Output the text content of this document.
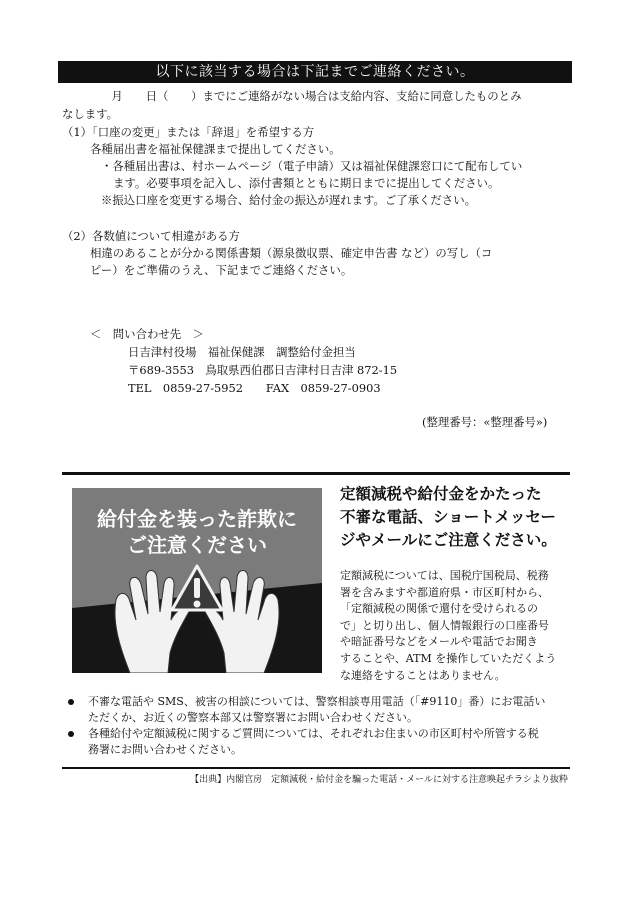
以下に該当する場合は下記までご連絡ください。
　月　　日（　　）までにご連絡がない場合は支給内容、支給に同意したものとみ
なします。
（1）「口座の変更」または「辞退」を希望する方
各種届出書を福祉保健課まで提出してください。
・各種届出書は、村ホームページ（電子申請）又は福祉保健課窓口にて配布してい
ます。必要事項を記入し、添付書類とともに期日までに提出してください。
※振込口座を変更する場合、給付金の振込が遅れます。ご了承ください。
（2）各数値について相違がある方
相違のあることが分かる関係書類（源泉徴収票、確定申告書 など）の写し（コ
ピー）をご準備のうえ、下記までご連絡ください。
＜　問い合わせ先　＞
日吉津村役場　福祉保健課　調整給付金担当
〒689-3553　鳥取県西伯郡日吉津村日吉津 872-15
TEL　0859-27-5952　　FAX　0859-27-0903
(整理番号：«整理番号»)
給付金を装った詐欺に
ご注意ください
定額減税や給付金をかたった
不審な電話、ショートメッセー
ジやメールにご注意ください。
定額減税については、国税庁国税局、税務
署を含みますや都道府県・市区町村から、
「定額減税の関係で還付を受けられるの
で」と切り出し、個人情報銀行の口座番号
や暗証番号などをメールや電話でお聞き
することや、ATM を操作していただくよう
な連絡をすることはありません。
不審な電話や SMS、被害の相談については、警察相談専用電話（「#9110」番）にお電話い
ただくか、お近くの警察本部又は警察署にお問い合わせください。
各種給付や定額減税に関するご質問については、それぞれお住まいの市区町村や所管する税
務署にお問い合わせください。
【出典】内閣官房　定額減税・給付金を騙った電話・メールに対する注意喚起チラシより抜粋
